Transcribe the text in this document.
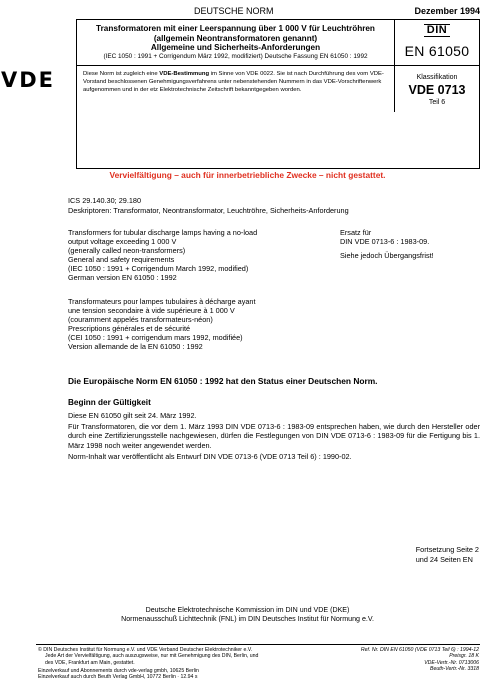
DEUTSCHE NORM	Dezember 1994
Transformatoren mit einer Leerspannung über 1 000 V für Leuchtröhren
(allgemein Neontransformatoren genannt)
Allgemeine und Sicherheits-Anforderungen
(IEC 1050 : 1991 + Corrigendum März 1992, modifiziert) Deutsche Fassung EN 61050 : 1992
DIN
EN 61050
VDE	Diese Norm ist zugleich eine VDE-Bestimmung im Sinne von VDE 0022. Sie ist nach Durchführung des vom VDE-Vorstand beschlossenen Genehmigungsverfahrens unter nebenstehenden Nummern in das VDE-Vorschriftenwerk aufgenommen und in der etz Elektrotechnische Zeitschrift bekanntgegeben worden.
Klassifikation
VDE 0713
Teil 6
Vervielfältigung – auch für innerbetriebliche Zwecke – nicht gestattet.
ICS 29.140.30; 29.180
Deskriptoren: Transformator, Neontransformator, Leuchtröhre, Sicherheits-Anforderung
Transformers for tubular discharge lamps having a no-load
output voltage exceeding 1 000 V
(generally called neon-transformers)
General and safety requirements
(IEC 1050 : 1991 + Corrigendum March 1992, modified)
German version EN 61050 : 1992
Ersatz für
DIN VDE 0713-6 : 1983-09.
Siehe jedoch Übergangsfrist!
Transformateurs pour lampes tubulaires à décharge ayant
une tension secondaire à vide supérieure à 1 000 V
(couramment appelés transformateurs-néon)
Prescriptions générales et de sécurité
(CEI 1050 : 1991 + corrigendum mars 1992, modifiée)
Version allemande de la EN 61050 : 1992
Die Europäische Norm EN 61050 : 1992 hat den Status einer Deutschen Norm.
Beginn der Gültigkeit

Diese EN 61050 gilt seit 24. März 1992.

Für Transformatoren, die vor dem 1. März 1993 DIN VDE 0713-6 : 1983-09 entsprechen haben, wie durch den Hersteller oder durch eine Zertifizierungsstelle nachgewiesen, dürfen die Festlegungen von DIN VDE 0713-6 : 1983-09 für die Fertigung bis 1. März 1998 noch weiter angewendet werden.

Norm-Inhalt war veröffentlicht als Entwurf DIN VDE 0713-6 (VDE 0713 Teil 6) : 1990-02.

Fortsetzung Seite 2
und 24 Seiten EN
Deutsche Elektrotechnische Kommission im DIN und VDE (DKE)
Normenausschuß Lichttechnik (FNL) im DIN Deutsches Institut für Normung e.V.
© DIN Deutsches Institut für Normung e.V. und VDE Verband Deutscher Elektrotechniker e.V.
Jede Art der Vervielfältigung, auch auszugsweise, nur mit Genehmigung des DIN, Berlin, und
des VDE, Frankfurt am Main, gestattet.
Einzelverkauf und Abonnements durch vde-verlag gmbh, 10625 Berlin
Einzelverkauf auch durch Beuth Verlag GmbH, 10772 Berlin · 12.94 s
Ref. Nr. DIN EN 61050 (VDE 0713 Teil 6) : 1994-12
Preisgr. 18 K
VDE-Vertr.-Nr. 0713006
Beuth-Vertr.-Nr. 3318
